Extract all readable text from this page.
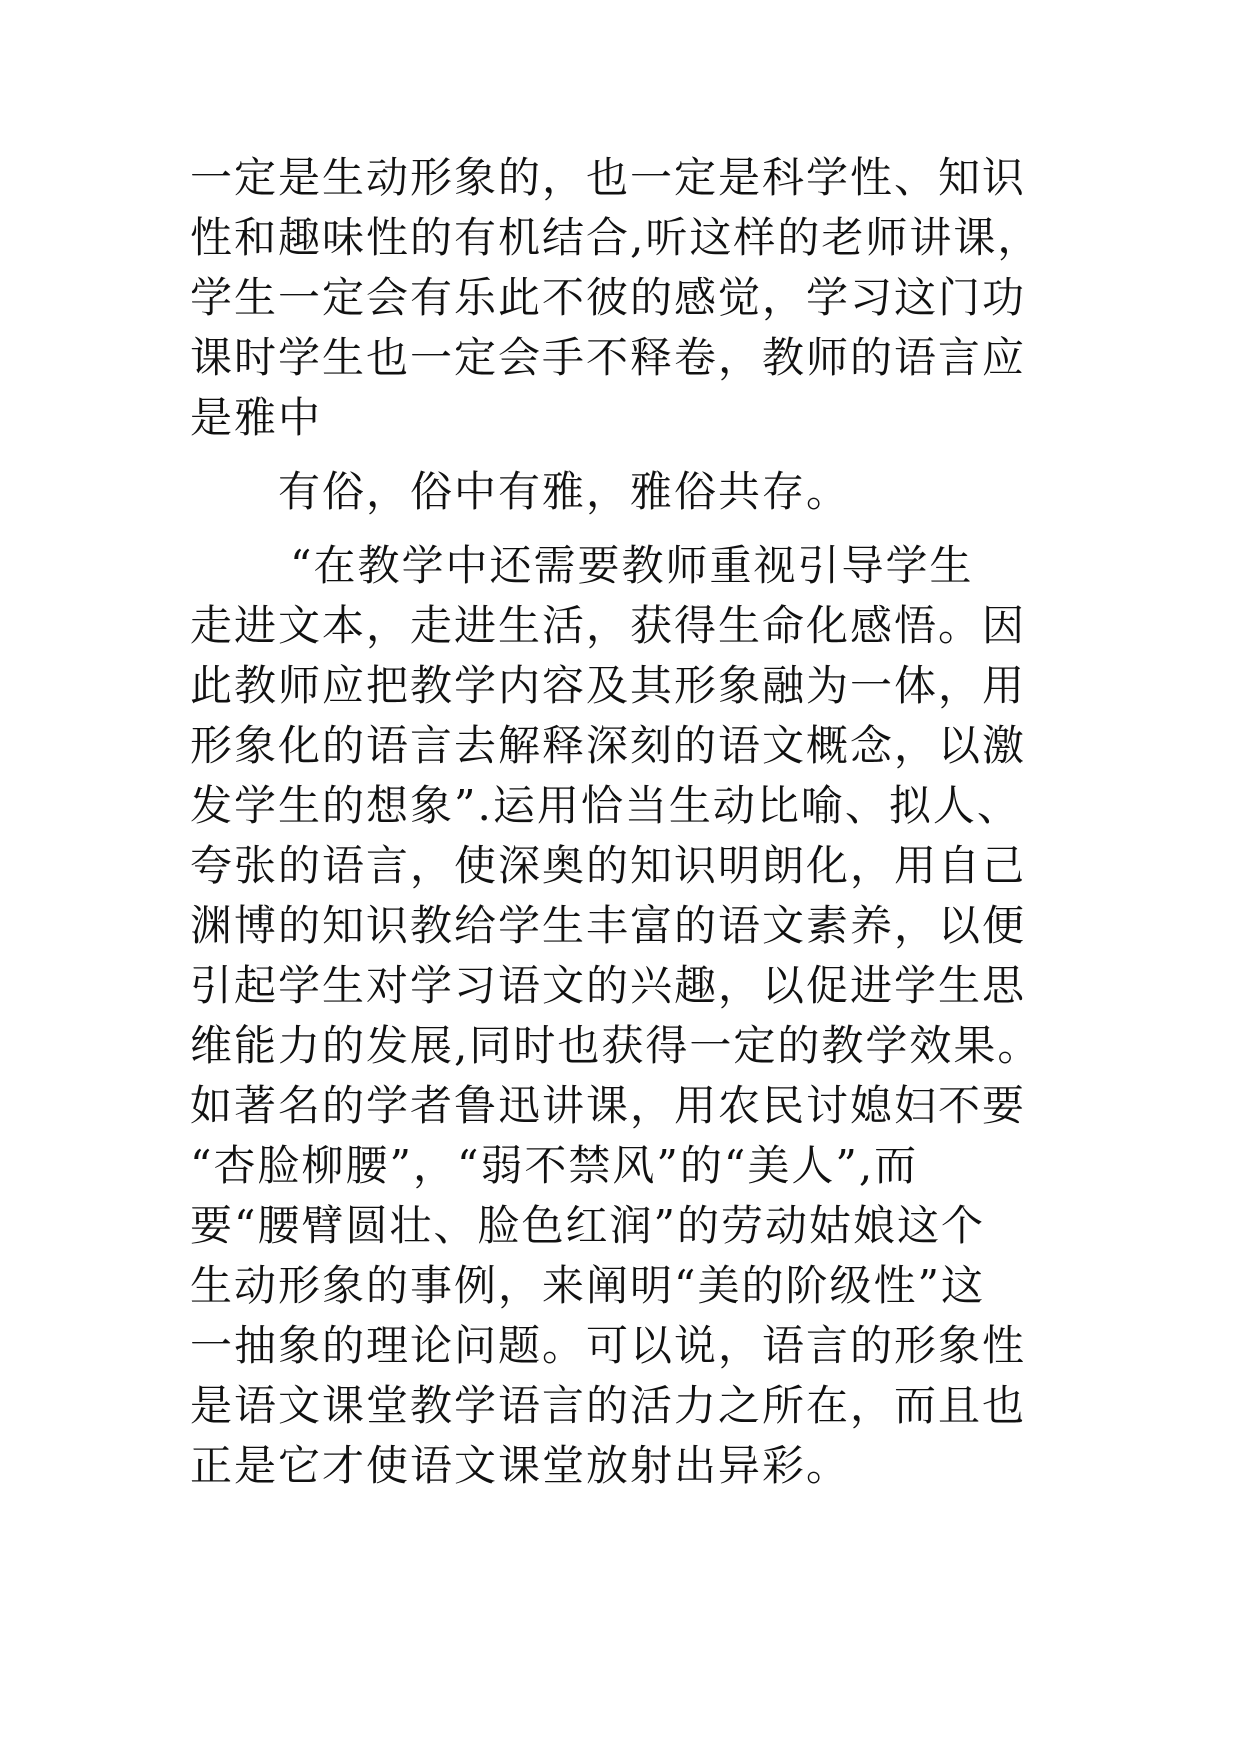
一定是生动形象的，也一定是科学性、知识
性和趣味性的有机结合,听这样的老师讲课，
学生一定会有乐此不彼的感觉，学习这门功
课时学生也一定会手不释卷，教师的语言应
是雅中
有俗，俗中有雅，雅俗共存。
“在教学中还需要教师重视引导学生
走进文本，走进生活，获得生命化感悟。因
此教师应把教学内容及其形象融为一体，用
形象化的语言去解释深刻的语文概念，以激
发学生的想象”.运用恰当生动比喻、拟人、
夸张的语言，使深奥的知识明朗化，用自己
渊博的知识教给学生丰富的语文素养，以便
引起学生对学习语文的兴趣，以促进学生思
维能力的发展,同时也获得一定的教学效果。
如著名的学者鲁迅讲课，用农民讨媳妇不要
“杏脸柳腰”，“弱不禁风”的“美人”,而
要“腰臂圆壮、脸色红润”的劳动姑娘这个
生动形象的事例，来阐明“美的阶级性”这
一抽象的理论问题。可以说，语言的形象性
是语文课堂教学语言的活力之所在，而且也
正是它才使语文课堂放射出异彩。
